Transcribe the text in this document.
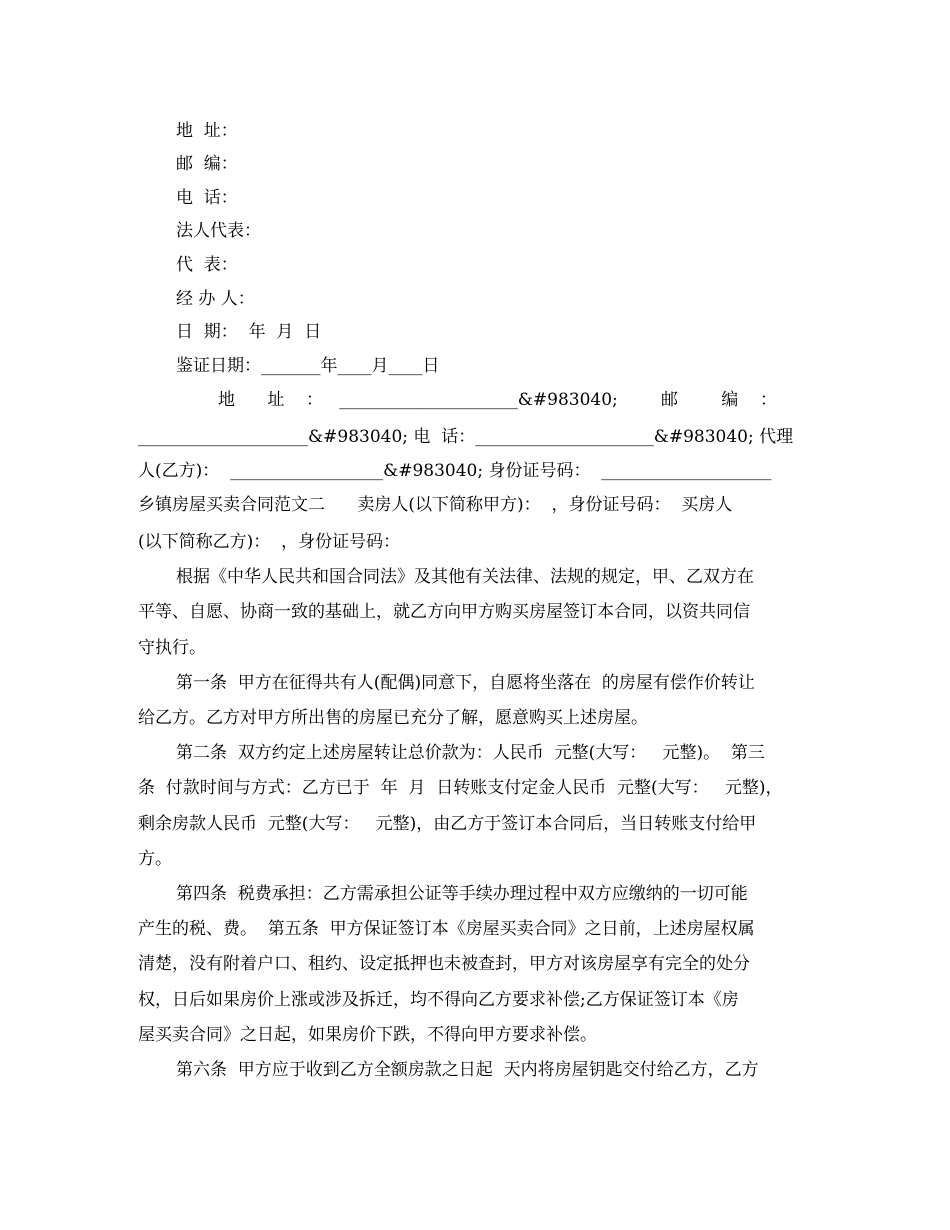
地  址：
邮  编：
电  话：
法人代表：
代  表：
经 办 人：
日  期：  年  月  日
鉴证日期：_______年____月____日
地      址    ：   _____________________&#983040;        邮        编    ：
____________________&#983040; 电  话：_____________________&#983040; 代理
人(乙方)：  __________________&#983040; 身份证号码：  ____________________
乡镇房屋买卖合同范文二      卖房人(以下简称甲方)：  ，身份证号码：  买房人
(以下简称乙方)：  ，身份证号码：
根据《中华人民共和国合同法》及其他有关法律、法规的规定，甲、乙双方在
平等、自愿、协商一致的基础上，就乙方向甲方购买房屋签订本合同，以资共同信
守执行。
第一条  甲方在征得共有人(配偶)同意下，自愿将坐落在  的房屋有偿作价转让
给乙方。乙方对甲方所出售的房屋已充分了解，愿意购买上述房屋。
第二条  双方约定上述房屋转让总价款为：人民币  元整(大写：   元整)。  第三
条  付款时间与方式：乙方已于  年  月  日转账支付定金人民币  元整(大写：   元整)，
剩余房款人民币  元整(大写：   元整)，由乙方于签订本合同后，当日转账支付给甲
方。
第四条  税费承担：乙方需承担公证等手续办理过程中双方应缴纳的一切可能
产生的税、费。  第五条  甲方保证签订本《房屋买卖合同》之日前，上述房屋权属
清楚，没有附着户口、租约、设定抵押也未被查封，甲方对该房屋享有完全的处分
权，日后如果房价上涨或涉及拆迁，均不得向乙方要求补偿;乙方保证签订本《房
屋买卖合同》之日起，如果房价下跌，不得向甲方要求补偿。
第六条  甲方应于收到乙方全额房款之日起  天内将房屋钥匙交付给乙方，乙方
